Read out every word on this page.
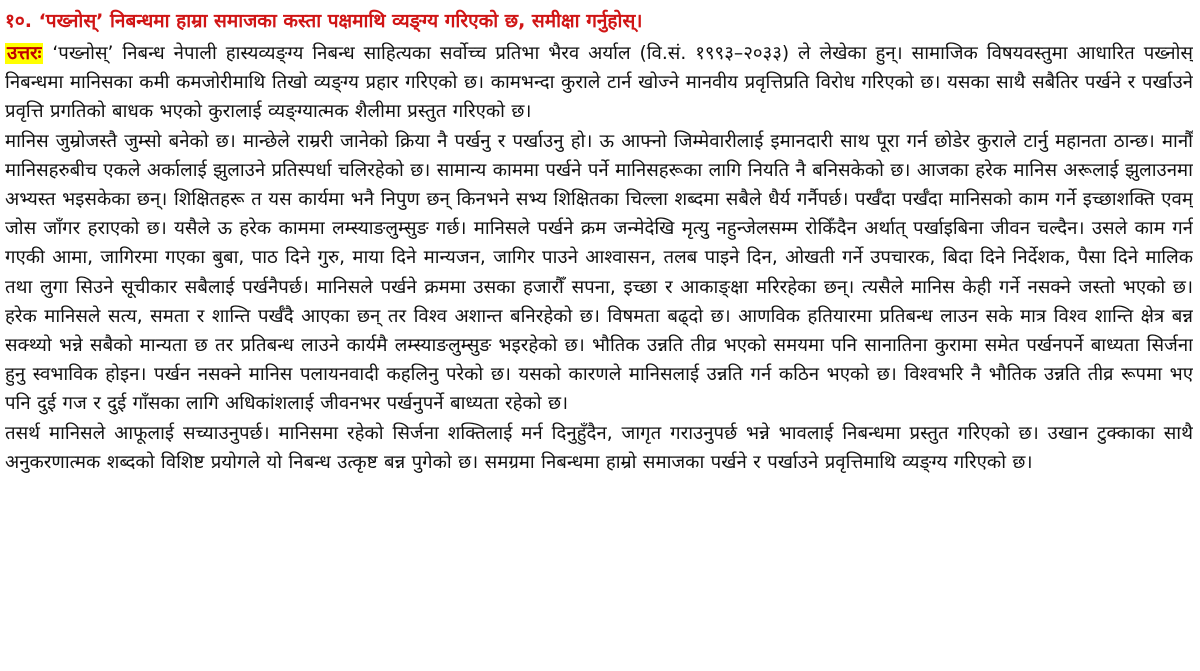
१०. ‘पख्नोस्’ निबन्धमा हाम्रा समाजका कस्ता पक्षमाथि व्यङ्ग्य गरिएको छ, समीक्षा गर्नुहोस्।

उत्तरः ‘पख्नोस्’ निबन्ध नेपाली हास्यव्यङ्ग्य निबन्ध साहित्यका सर्वोच्च प्रतिभा भैरव अर्याल (वि.सं. १९९३–२०३३) ले लेखेका हुन्। सामाजिक विषयवस्तुमा आधारित पख्नोस् निबन्धमा मानिसका कमी कमजोरीमाथि तिखो व्यङ्ग्य प्रहार गरिएको छ। कामभन्दा कुराले टार्न खोज्ने मानवीय प्रवृत्तिप्रति विरोध गरिएको छ। यसका साथै सबैतिर पर्खने र पर्खाउने प्रवृत्ति प्रगतिको बाधक भएको कुरालाई व्यङ्ग्यात्मक शैलीमा प्रस्तुत गरिएको छ।

मानिस जुम्रोजस्तै जुम्सो बनेको छ। मान्छेले राम्ररी जानेको क्रिया नै पर्खनु र पर्खाउनु हो। ऊ आफ्नो जिम्मेवारीलाई इमानदारी साथ पूरा गर्न छोडेर कुराले टार्नु महानता ठान्छ। मानौँ मानिसहरुबीच एकले अर्कालाई झुलाउने प्रतिस्पर्धा चलिरहेको छ। सामान्य काममा पर्खने पर्ने मानिसहरूका लागि नियति नै बनिसकेको छ। आजका हरेक मानिस अरूलाई झुलाउनमा अभ्यस्त भइसकेका छन्। शिक्षितहरू त यस कार्यमा भनै निपुण छन् किनभने सभ्य शिक्षितका चिल्ला शब्दमा सबैले धैर्य गर्नैपर्छ। पर्खँदा पर्खँदा मानिसको काम गर्ने इच्छाशक्ति एवम् जोस जाँगर हराएको छ। यसैले ऊ हरेक काममा लम्स्याङलुम्सुङ गर्छ। मानिसले पर्खने क्रम जन्मेदेखि मृत्यु नहुन्जेलसम्म रोकिँदैन अर्थात् पर्खाइबिना जीवन चल्दैन। उसले काम गर्न गएकी आमा, जागिरमा गएका बुबा, पाठ दिने गुरु, माया दिने मान्यजन, जागिर पाउने आश्वासन, तलब पाइने दिन, ओखती गर्ने उपचारक, बिदा दिने निर्देशक, पैसा दिने मालिक तथा लुगा सिउने सूचीकार सबैलाई पर्खनैपर्छ। मानिसले पर्खने क्रममा उसका हजारौँ सपना, इच्छा र आकाङ्क्षा मरिरहेका छन्। त्यसैले मानिस केही गर्ने नसक्ने जस्तो भएको छ। हरेक मानिसले सत्य, समता र शान्ति पर्खँदै आएका छन् तर विश्व अशान्त बनिरहेको छ। विषमता बढ्दो छ। आणविक हतियारमा प्रतिबन्ध लाउन सके मात्र विश्व शान्ति क्षेत्र बन्न सक्थ्यो भन्ने सबैको मान्यता छ तर प्रतिबन्ध लाउने कार्यमै लम्स्याङलुम्सुङ भइरहेको छ। भौतिक उन्नति तीव्र भएको समयमा पनि सानातिना कुरामा समेत पर्खनपर्ने बाध्यता सिर्जना हुनु स्वभाविक होइन। पर्खन नसक्ने मानिस पलायनवादी कहलिनु परेको छ। यसको कारणले मानिसलाई उन्नति गर्न कठिन भएको छ। विश्वभरि नै भौतिक उन्नति तीव्र रूपमा भए पनि दुई गज र दुई गाँसका लागि अधिकांशलाई जीवनभर पर्खनुपर्ने बाध्यता रहेको छ।

तसर्थ मानिसले आफूलाई सच्याउनुपर्छ। मानिसमा रहेको सिर्जना शक्तिलाई मर्न दिनुहुँदैन, जागृत गराउनुपर्छ भन्ने भावलाई निबन्धमा प्रस्तुत गरिएको छ। उखान टुक्काका साथै अनुकरणात्मक शब्दको विशिष्ट प्रयोगले यो निबन्ध उत्कृष्ट बन्न पुगेको छ। समग्रमा निबन्धमा हाम्रो समाजका पर्खने र पर्खाउने प्रवृत्तिमाथि व्यङ्ग्य गरिएको छ।
